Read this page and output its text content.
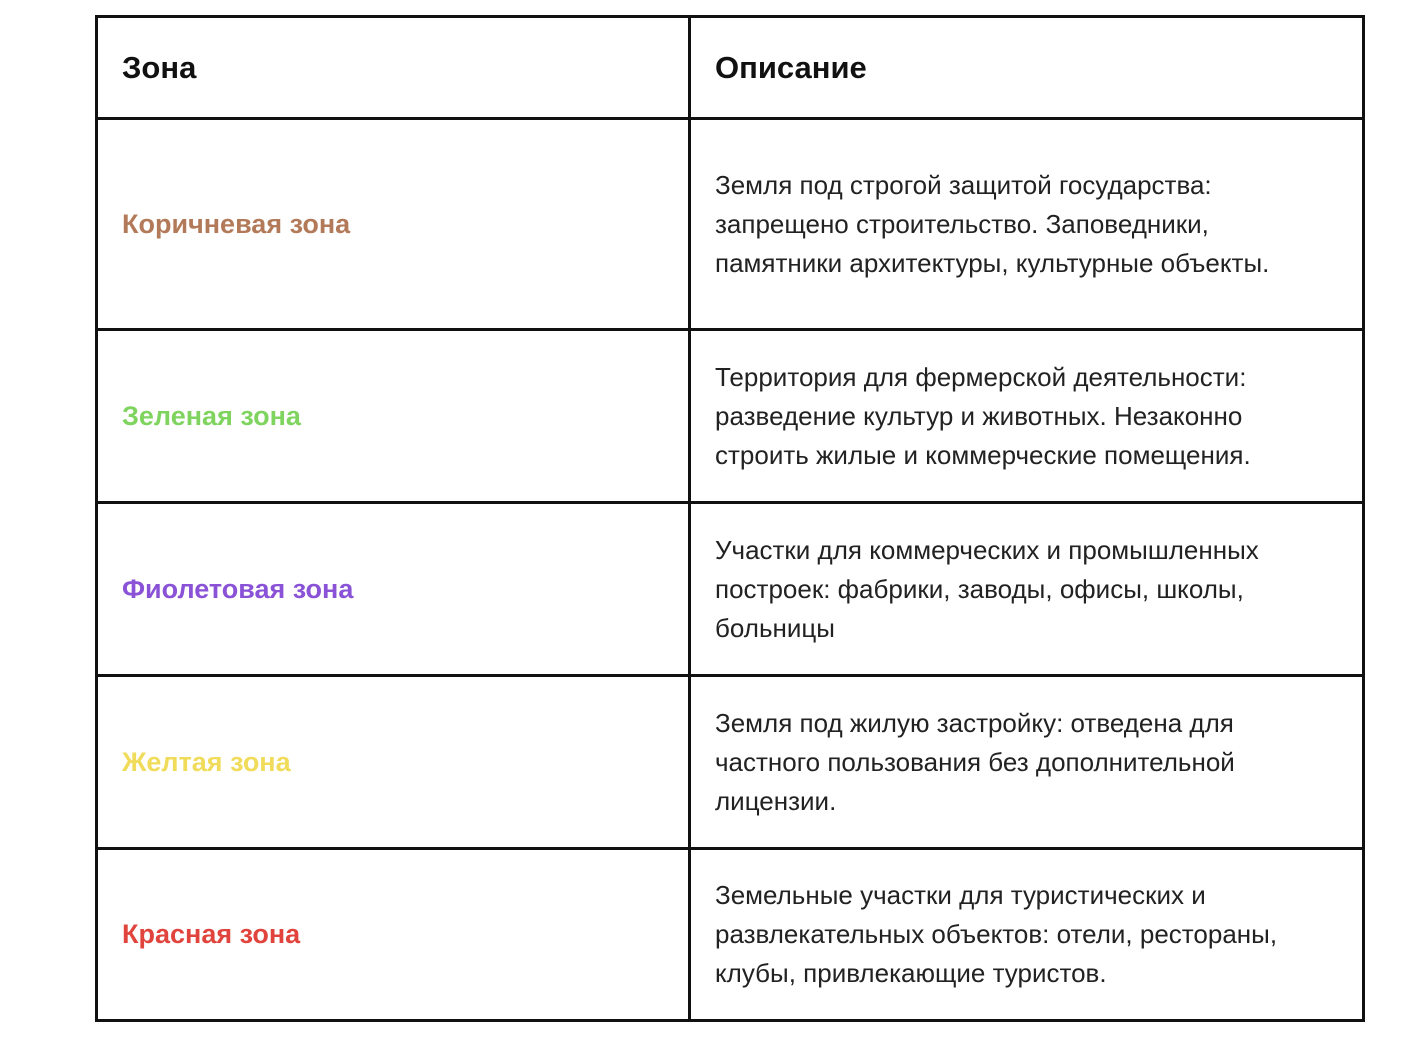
Зона	Описание
Коричневая зона	Земля под строгой защитой государства: запрещено строительство. Заповедники, памятники архитектуры, культурные объекты.
Зеленая зона	Территория для фермерской деятельности: разведение культур и животных. Незаконно строить жилые и коммерческие помещения.
Фиолетовая зона	Участки для коммерческих и промышленных построек: фабрики, заводы, офисы, школы, больницы
Желтая зона	Земля под жилую застройку: отведена для частного пользования без дополнительной лицензии.
Красная зона	Земельные участки для туристических и развлекательных объектов: отели, рестораны, клубы, привлекающие туристов.
